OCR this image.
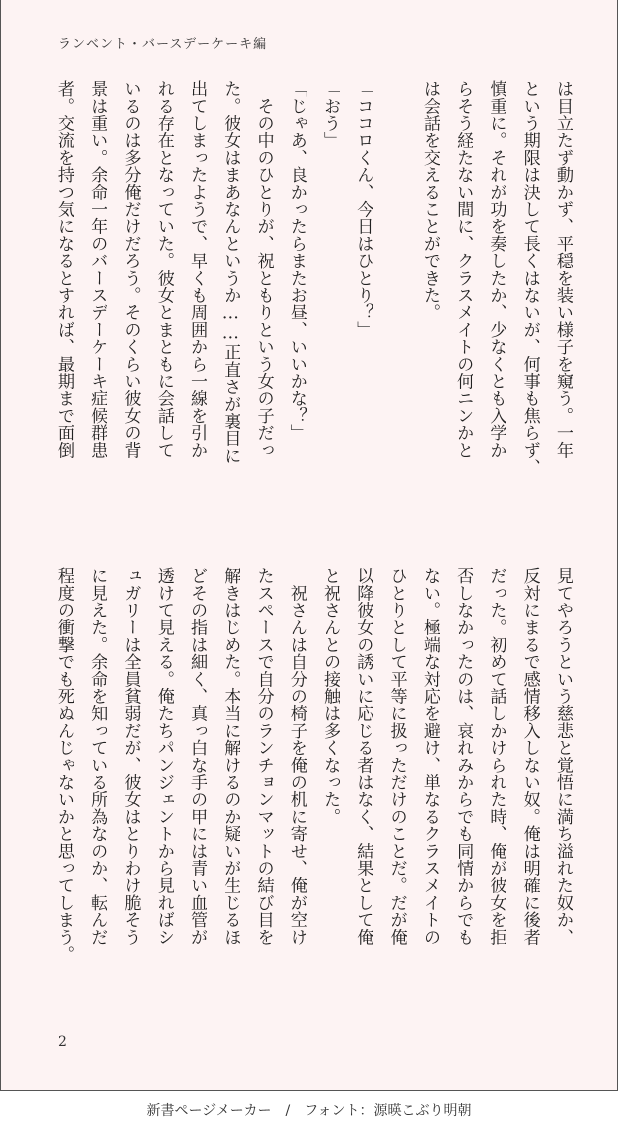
ランベント・バースデーケーキ編
は目立たず動かず、平穏を装い様子を窺う。一年
という期限は決して長くはないが、何事も焦らず、
慎重に。それが功を奏したか、少なくとも入学か
らそう経たない間に、クラスメイトの何ニンかと
は会話を交えることができた。
「ココロくん、今日はひとり？」
「おう」
「じゃあ、良かったらまたお昼、いいかな？」
　その中のひとりが、祝ともりという女の子だっ
た。彼女はまあなんというか……正直さが裏目に
出てしまったようで、早くも周囲から一線を引か
れる存在となっていた。彼女とまともに会話して
いるのは多分俺だけだろう。そのくらい彼女の背
景は重い。余命一年のバースデーケーキ症候群患
者。交流を持つ気になるとすれば、最期まで面倒
見てやろうという慈悲と覚悟に満ち溢れた奴か、
反対にまるで感情移入しない奴。俺は明確に後者
だった。初めて話しかけられた時、俺が彼女を拒
否しなかったのは、哀れみからでも同情からでも
ない。極端な対応を避け、単なるクラスメイトの
ひとりとして平等に扱っただけのことだ。だが俺
以降彼女の誘いに応じる者はなく、結果として俺
と祝さんとの接触は多くなった。
　祝さんは自分の椅子を俺の机に寄せ、俺が空け
たスペースで自分のランチョンマットの結び目を
解きはじめた。本当に解けるのか疑いが生じるほ
どその指は細く、真っ白な手の甲には青い血管が
透けて見える。俺たちパンジェントから見ればシ
ュガリーは全員貧弱だが、彼女はとりわけ脆そう
に見えた。余命を知っている所為なのか、転んだ
程度の衝撃でも死ぬんじゃないかと思ってしまう。
2
新書ページメーカー　/　フォント：源暎こぶり明朝
